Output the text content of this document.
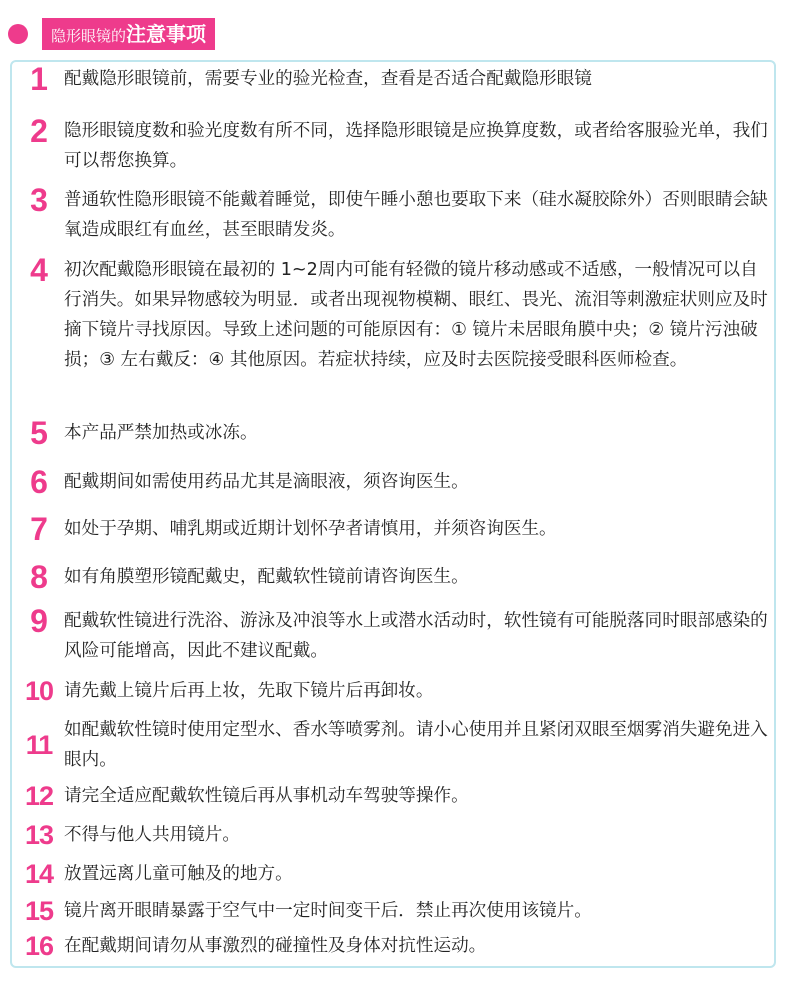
隐形眼镜的 注意事项
1 配戴隐形眼镜前，需要专业的验光检查，查看是否适合配戴隐形眼镜
2 隐形眼镜度数和验光度数有所不同，选择隐形眼镜是应换算度数，或者给客服验光单，我们可以帮您换算。
3 普通软性隐形眼镜不能戴着睡觉，即使午睡小憩也要取下来（硅水凝胶除外）否则眼睛会缺氧造成眼红有血丝，甚至眼睛发炎。
4 初次配戴隐形眼镜在最初的 1~2周内可能有轻微的镜片移动感或不适感，一般情况可以自行消失。如果异物感较为明显．或者出现视物模糊、眼红、畏光、流泪等刺激症状则应及时摘下镜片寻找原因。导致上述问题的可能原因有：① 镜片未居眼角膜中央；② 镜片污浊破损；③ 左右戴反：④ 其他原因。若症状持续，应及时去医院接受眼科医师检查。
5 本产品严禁加热或冰冻。
6 配戴期间如需使用药品尤其是滴眼液，须咨询医生。
7 如处于孕期、哺乳期或近期计划怀孕者请慎用，并须咨询医生。
8 如有角膜塑形镜配戴史，配戴软性镜前请咨询医生。
9 配戴软性镜进行洗浴、游泳及冲浪等水上或潜水活动时，软性镜有可能脱落同时眼部感染的风险可能增高，因此不建议配戴。
10 请先戴上镜片后再上妆，先取下镜片后再卸妆。
11 如配戴软性镜时使用定型水、香水等喷雾剂。请小心使用并且紧闭双眼至烟雾消失避免进入眼内。
12 请完全适应配戴软性镜后再从事机动车驾驶等操作。
13 不得与他人共用镜片。
14 放置远离儿童可触及的地方。
15 镜片离开眼睛暴露于空气中一定时间变干后．禁止再次使用该镜片。
16 在配戴期间请勿从事激烈的碰撞性及身体对抗性运动。
